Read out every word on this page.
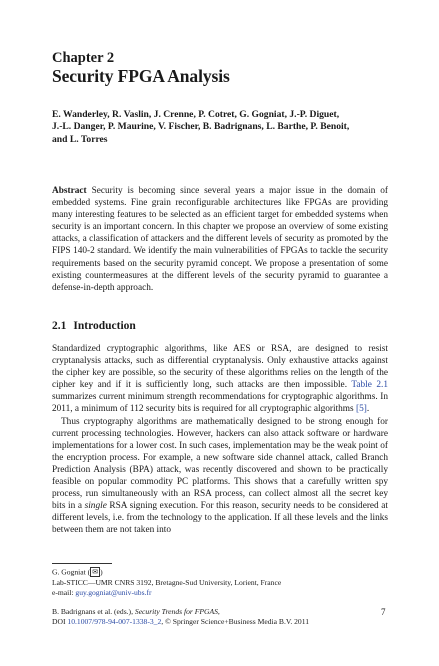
Chapter 2
Security FPGA Analysis
E. Wanderley, R. Vaslin, J. Crenne, P. Cotret, G. Gogniat, J.-P. Diguet,
J.-L. Danger, P. Maurine, V. Fischer, B. Badrignans, L. Barthe, P. Benoit,
and L. Torres
Abstract Security is becoming since several years a major issue in the domain of embedded systems. Fine grain reconfigurable architectures like FPGAs are providing many interesting features to be selected as an efficient target for embedded systems when security is an important concern. In this chapter we propose an overview of some existing attacks, a classification of attackers and the different levels of security as promoted by the FIPS 140-2 standard. We identify the main vulnerabilities of FPGAs to tackle the security requirements based on the security pyramid concept. We propose a presentation of some existing countermeasures at the different levels of the security pyramid to guarantee a defense-in-depth approach.
2.1 Introduction

Standardized cryptographic algorithms, like AES or RSA, are designed to resist cryptanalysis attacks, such as differential cryptanalysis. Only exhaustive attacks against the cipher key are possible, so the security of these algorithms relies on the length of the cipher key and if it is sufficiently long, such attacks are then impossible. Table 2.1 summarizes current minimum strength recommendations for cryptographic algorithms. In 2011, a minimum of 112 security bits is required for all cryptographic algorithms [5].

Thus cryptography algorithms are mathematically designed to be strong enough for current processing technologies. However, hackers can also attack software or hardware implementations for a lower cost. In such cases, implementation may be the weak point of the encryption process. For example, a new software side channel attack, called Branch Prediction Analysis (BPA) attack, was recently discovered and shown to be practically feasible on popular commodity PC platforms. This shows that a carefully written spy process, run simultaneously with an RSA process, can collect almost all the secret key bits in a single RSA signing execution. For this reason, security needs to be considered at different levels, i.e. from the technology to the application. If all these levels and the links between them are not taken into

G. Gogniat ( ✉ )
Lab-STICC—UMR CNRS 3192, Bretagne-Sud University, Lorient, France
e-mail: guy.gogniat@univ-ubs.fr
B. Badrignans et al. (eds.), Security Trends for FPGAS,
DOI 10.1007/978-94-007-1338-3_2, © Springer Science+Business Media B.V. 2011
7
